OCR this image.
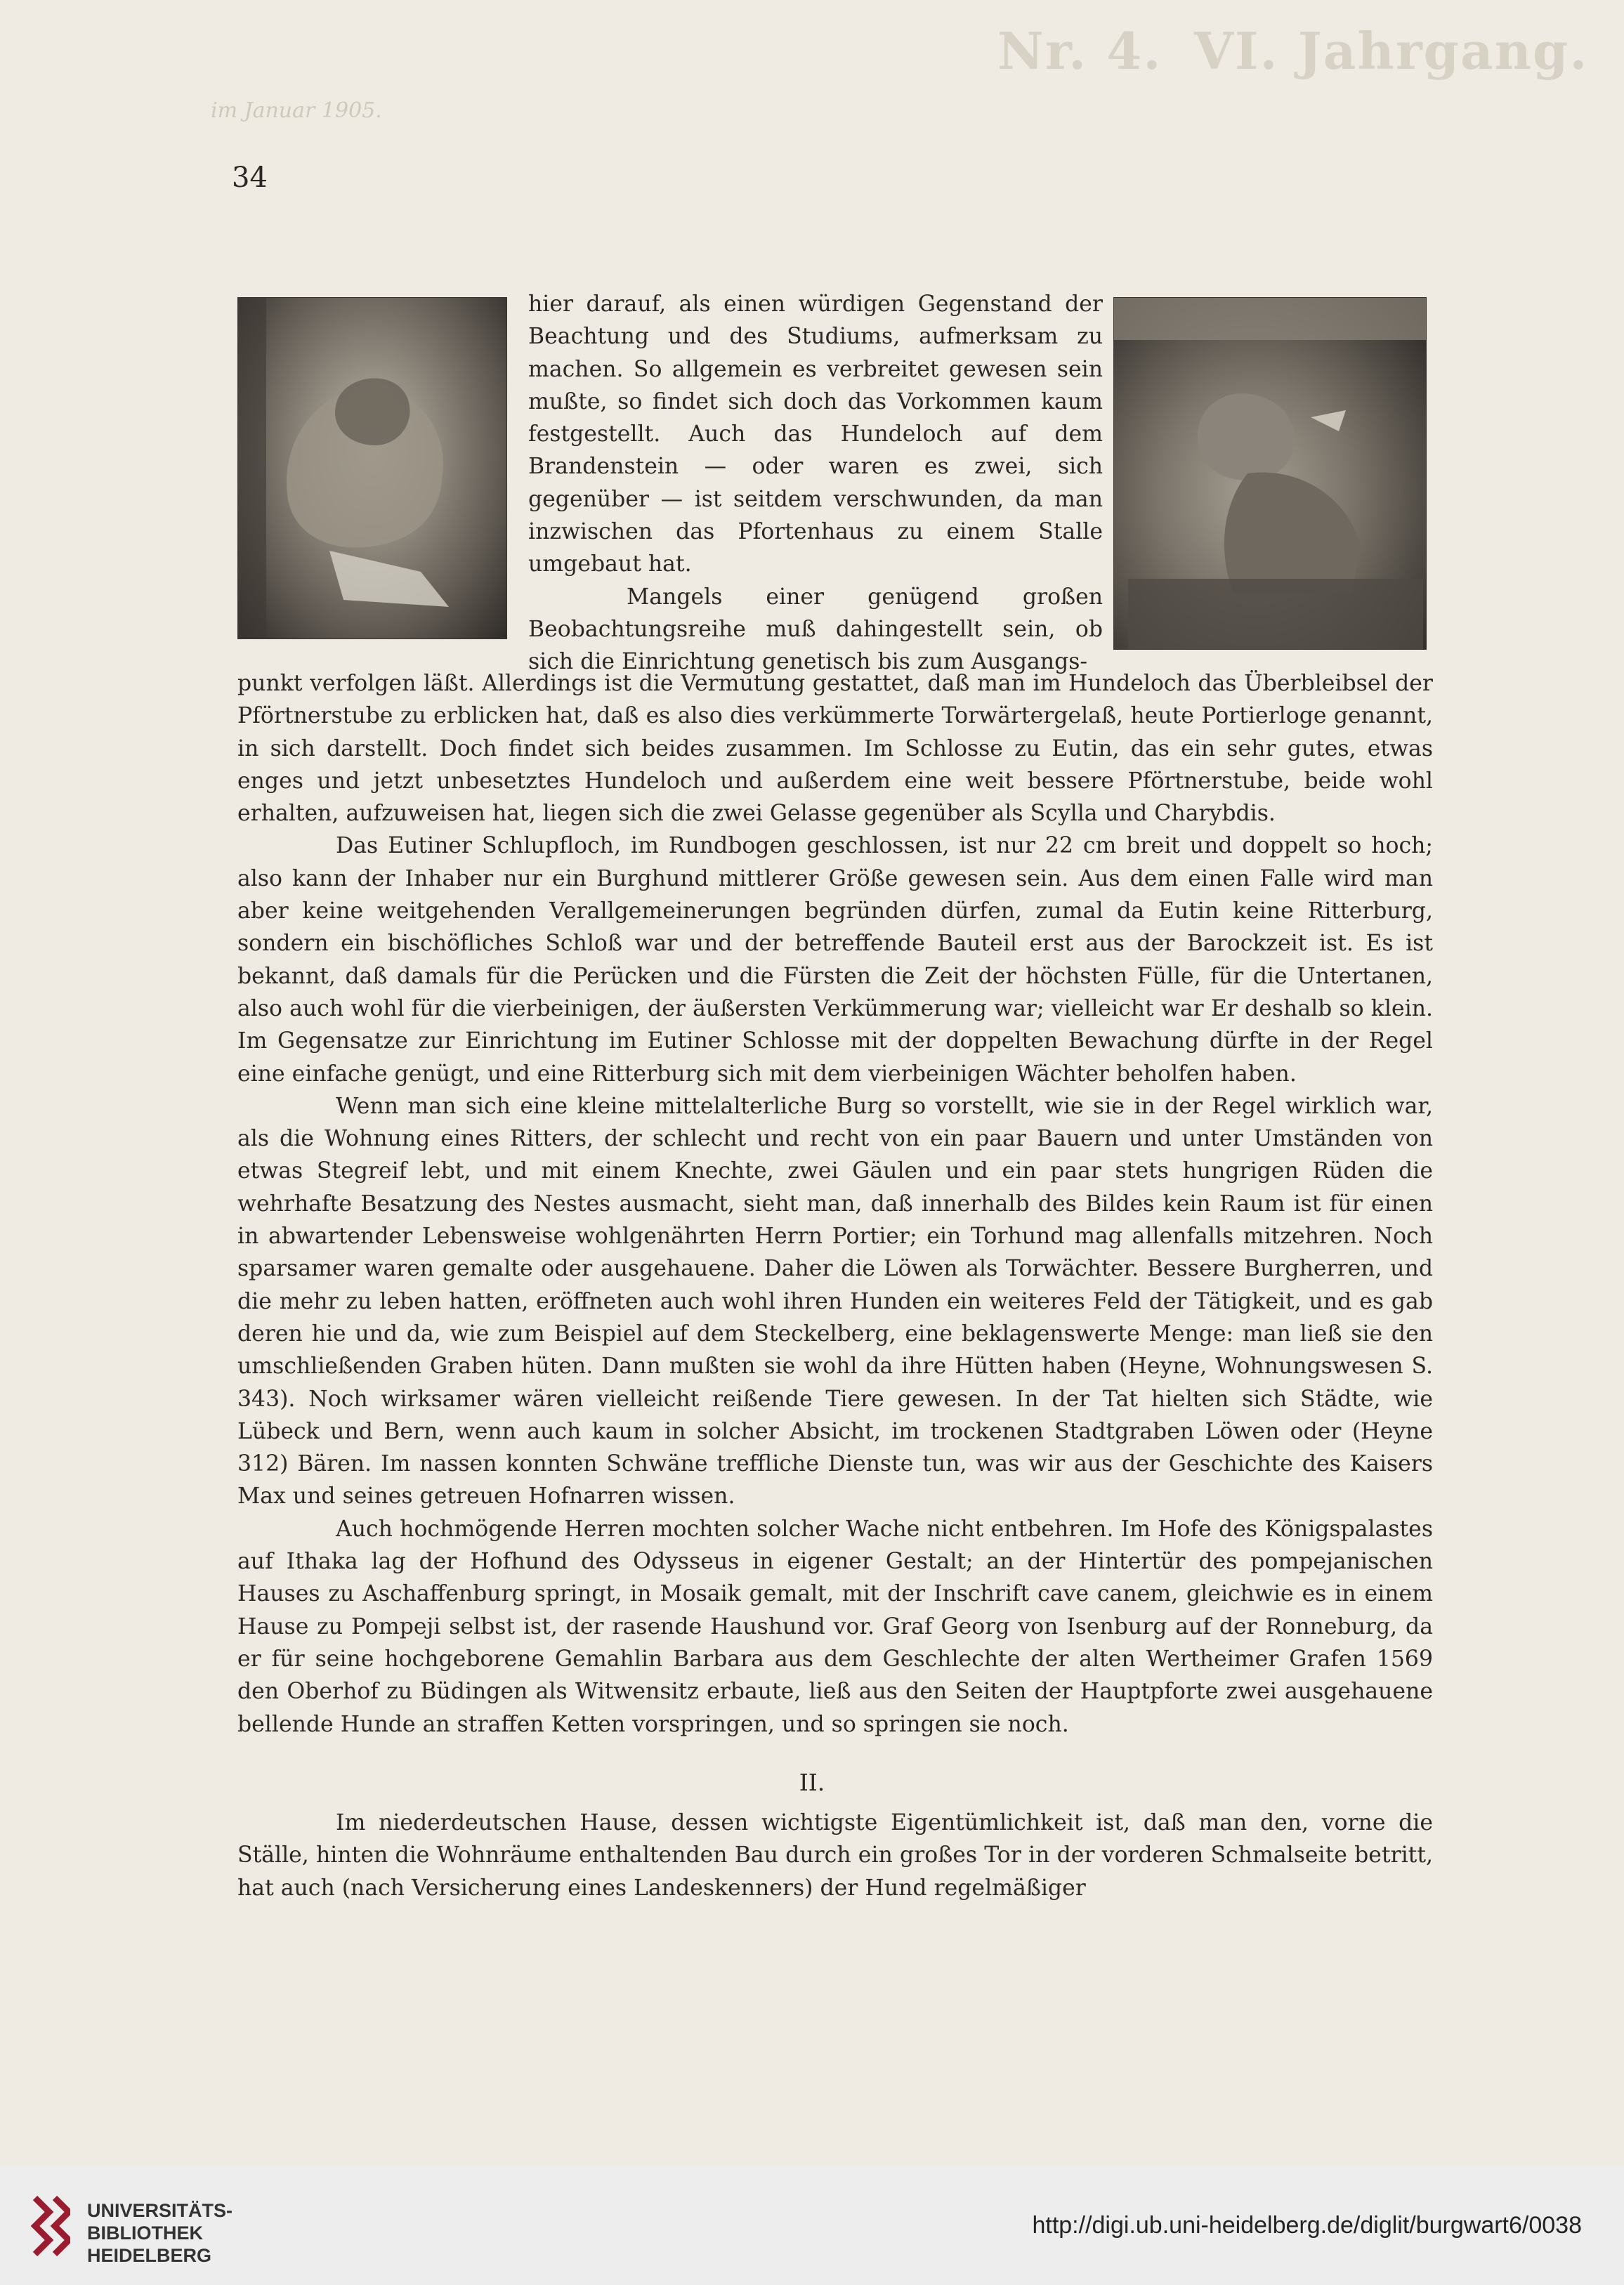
Nr. 4. VI. Jahrgang.
im Januar 1905.
34

hier darauf, als einen würdigen Gegenstand der Beachtung und des Studiums, aufmerksam zu machen. So allgemein es verbreitet gewesen sein mußte, so findet sich doch das Vorkommen kaum festgestellt. Auch das Hundeloch auf dem Brandenstein — oder waren es zwei, sich gegenüber — ist seitdem verschwunden, da man inzwischen das Pfortenhaus zu einem Stalle umgebaut hat.

Mangels einer genügend großen Beobachtungsreihe muß dahingestellt sein, ob sich die Einrichtung genetisch bis zum Ausgangs-

punkt verfolgen läßt. Allerdings ist die Vermutung gestattet, daß man im Hundeloch das Überbleibsel der Pförtnerstube zu erblicken hat, daß es also dies verkümmerte Torwärtergelaß, heute Portierloge genannt, in sich darstellt. Doch findet sich beides zusammen. Im Schlosse zu Eutin, das ein sehr gutes, etwas enges und jetzt unbesetztes Hundeloch und außerdem eine weit bessere Pförtnerstube, beide wohl erhalten, aufzuweisen hat, liegen sich die zwei Gelasse gegenüber als Scylla und Charybdis.

Das Eutiner Schlupfloch, im Rundbogen geschlossen, ist nur 22 cm breit und doppelt so hoch; also kann der Inhaber nur ein Burghund mittlerer Größe gewesen sein. Aus dem einen Falle wird man aber keine weitgehenden Verallgemeinerungen begründen dürfen, zumal da Eutin keine Ritterburg, sondern ein bischöfliches Schloß war und der betreffende Bauteil erst aus der Barockzeit ist. Es ist bekannt, daß damals für die Perücken und die Fürsten die Zeit der höchsten Fülle, für die Untertanen, also auch wohl für die vierbeinigen, der äußersten Verkümmerung war; vielleicht war Er deshalb so klein. Im Gegensatze zur Einrichtung im Eutiner Schlosse mit der doppelten Bewachung dürfte in der Regel eine einfache genügt, und eine Ritterburg sich mit dem vierbeinigen Wächter beholfen haben.

Wenn man sich eine kleine mittelalterliche Burg so vorstellt, wie sie in der Regel wirklich war, als die Wohnung eines Ritters, der schlecht und recht von ein paar Bauern und unter Umständen von etwas Stegreif lebt, und mit einem Knechte, zwei Gäulen und ein paar stets hungrigen Rüden die wehrhafte Besatzung des Nestes ausmacht, sieht man, daß innerhalb des Bildes kein Raum ist für einen in abwartender Lebensweise wohlgenährten Herrn Portier; ein Torhund mag allenfalls mitzehren. Noch sparsamer waren gemalte oder ausgehauene. Daher die Löwen als Torwächter. Bessere Burgherren, und die mehr zu leben hatten, eröffneten auch wohl ihren Hunden ein weiteres Feld der Tätigkeit, und es gab deren hie und da, wie zum Beispiel auf dem Steckelberg, eine beklagenswerte Menge: man ließ sie den umschließenden Graben hüten. Dann mußten sie wohl da ihre Hütten haben (Heyne, Wohnungswesen S. 343). Noch wirksamer wären vielleicht reißende Tiere gewesen. In der Tat hielten sich Städte, wie Lübeck und Bern, wenn auch kaum in solcher Absicht, im trockenen Stadtgraben Löwen oder (Heyne 312) Bären. Im nassen konnten Schwäne treffliche Dienste tun, was wir aus der Geschichte des Kaisers Max und seines getreuen Hofnarren wissen.

Auch hochmögende Herren mochten solcher Wache nicht entbehren. Im Hofe des Königspalastes auf Ithaka lag der Hofhund des Odysseus in eigener Gestalt; an der Hintertür des pompejanischen Hauses zu Aschaffenburg springt, in Mosaik gemalt, mit der Inschrift cave canem, gleichwie es in einem Hause zu Pompeji selbst ist, der rasende Haushund vor. Graf Georg von Isenburg auf der Ronneburg, da er für seine hochgeborene Gemahlin Barbara aus dem Geschlechte der alten Wertheimer Grafen 1569 den Oberhof zu Büdingen als Witwensitz erbaute, ließ aus den Seiten der Hauptpforte zwei ausgehauene bellende Hunde an straffen Ketten vorspringen, und so springen sie noch.

II.

Im niederdeutschen Hause, dessen wichtigste Eigentümlichkeit ist, daß man den, vorne die Ställe, hinten die Wohnräume enthaltenden Bau durch ein großes Tor in der vorderen Schmalseite betritt, hat auch (nach Versicherung eines Landeskenners) der Hund regelmäßiger

UNIVERSITÄTS-
BIBLIOTHEK
HEIDELBERG
http://digi.ub.uni-heidelberg.de/diglit/burgwart6/0038
